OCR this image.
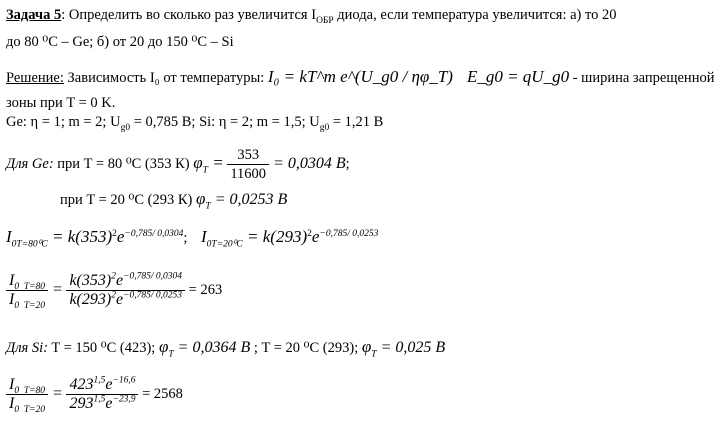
Задача 5: Определить во сколько раз увеличится $I_{ОБР}$ диода, если температура увеличится: а) то 20
до 80 ⁰С – Ge; б) от 20 до 150 ⁰С – Si
Решение: Зависимость I₀ от температуры: I₀ = kT^m e^(U_g0 / ηφ_T) E_g0 = qU_g0 - ширина запрещенной
зоны при T = 0 K.
Ge: η = 1; m = 2; $U_{g0} = 0,785$ В; Si: η = 2; m = 1,5; $U_{g0} = 1,21$ В
Для Ge: при T = 80 ⁰С (353 К) $\varphi_T = \frac{353}{11600} = 0,0304$ В;
при T = 20 ⁰С (293 К) $\varphi_T = 0,0253$ В
$I_{0T=80^0C} = k(353)^2e^{-0,785/ 0,0304}$; $I_{0T=20^0C} = k(293)^2e^{-0,785/ 0,0253}$
$\frac{I_{0 T=80}}{I_{0 T=20}} = \frac{k(353)^2e^{-0,785/ 0,0304}}{k(293)^2e^{-0,785/ 0,0253}} = 263$
Для Si: T = 150 ⁰С (423); $\varphi_T = 0,0364$ В ; T = 20 ⁰С (293); $\varphi_T = 0,025$ В
$\frac{I_{0 T=80}}{I_{0 T=20}} = \frac{423^{1,5}e^{-16,6}}{293^{1,5}e^{-23,9}} = 2568$
